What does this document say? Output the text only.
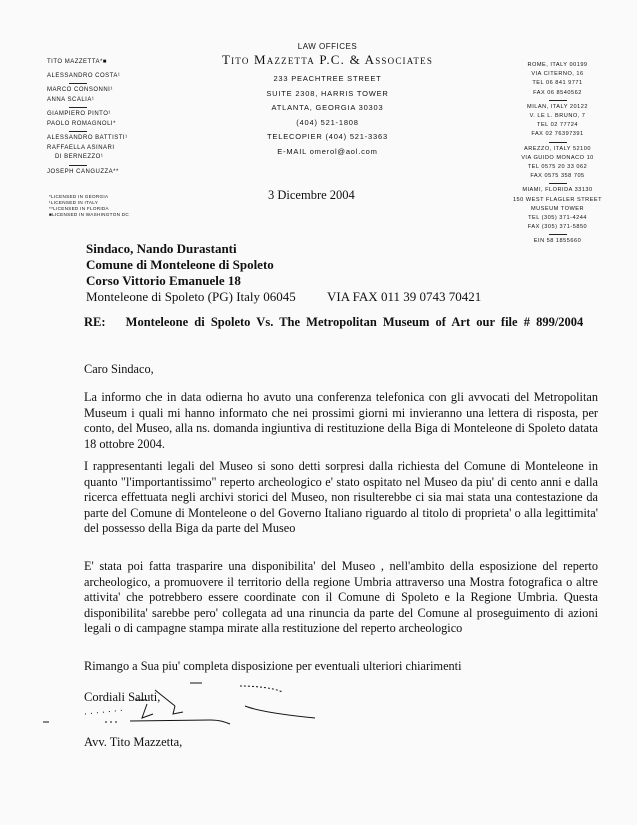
LAW OFFICES
Tito Mazzetta P.C. & Associates
233 PEACHTREE STREET
SUITE 2308, HARRIS TOWER
ATLANTA, GEORGIA 30303
(404) 521-1808
TELECOPIER (404) 521-3363
E-MAIL omerol@aol.com
TITO MAZZETTA*■
ALESSANDRO COSTA¹
MARCO CONSONNI¹
ANNA SCALIA¹
GIAMPIERO PINTO¹
PAOLO ROMAGNOLI*
ALESSANDRO BATTISTI¹
RAFFAELLA ASINARI
DI BERNEZZO¹
JOSEPH CANGUZZA**
*LICENSED IN GEORGIA
¹LICENSED IN ITALY
**LICENSED IN FLORIDA
■LICENSED IN WASHINGTON DC
ROME, ITALY 00199
VIA CITERNO, 16
TEL 06 841 9771
FAX 06 8540562
MILAN, ITALY 20122
V. LE L. BRUNO, 7
TEL 02 77724
FAX 02 76397391
AREZZO, ITALY 52100
VIA GUIDO MONACO 10
TEL 0575 20 33 062
FAX 0575 358 705
MIAMI, FLORIDA 33130
150 WEST FLAGLER STREET
MUSEUM TOWER
TEL (305) 371-4244
FAX (305) 371-5850
EIN 58 1855660
3 Dicembre 2004
Sindaco, Nando Durastanti
Comune di Monteleone di Spoleto
Corso Vittorio Emanuele 18
Monteleone di Spoleto (PG) Italy 06045 VIA FAX 011 39 0743 70421
RE: Monteleone di Spoleto Vs. The Metropolitan Museum of Art our file # 899/2004
Caro Sindaco,
La informo che in data odierna ho avuto una conferenza telefonica con gli avvocati del Metropolitan Museum i quali mi hanno informato che nei prossimi giorni mi invieranno una lettera di risposta, per conto, del Museo, alla ns. domanda ingiuntiva di restituzione della Biga di Monteleone di Spoleto datata 18 ottobre 2004.
I rappresentanti legali del Museo si sono detti sorpresi dalla richiesta del Comune di Monteleone in quanto "l'importantissimo" reperto archeologico e' stato ospitato nel Museo da piu' di cento anni e dalla ricerca effettuata negli archivi storici del Museo, non risulterebbe ci sia mai stata una contestazione da parte del Comune di Monteleone o del Governo Italiano riguardo al titolo di proprieta' o alla legittimita' del possesso della Biga da parte del Museo
E' stata poi fatta trasparire una disponibilita' del Museo , nell'ambito della esposizione del reperto archeologico, a promuovere il territorio della regione Umbria attraverso una Mostra fotografica o altre attivita' che potrebbero essere coordinate con il Comune di Spoleto e la Regione Umbria. Questa disponibilita' sarebbe pero' collegata ad una rinuncia da parte del Comune al proseguimento di azioni legali o di campagne stampa mirate alla restituzione del reperto archeologico
Rimango a Sua piu' completa disposizione per eventuali ulteriori chiarimenti
Cordiali Saluti,
Avv. Tito Mazzetta,
